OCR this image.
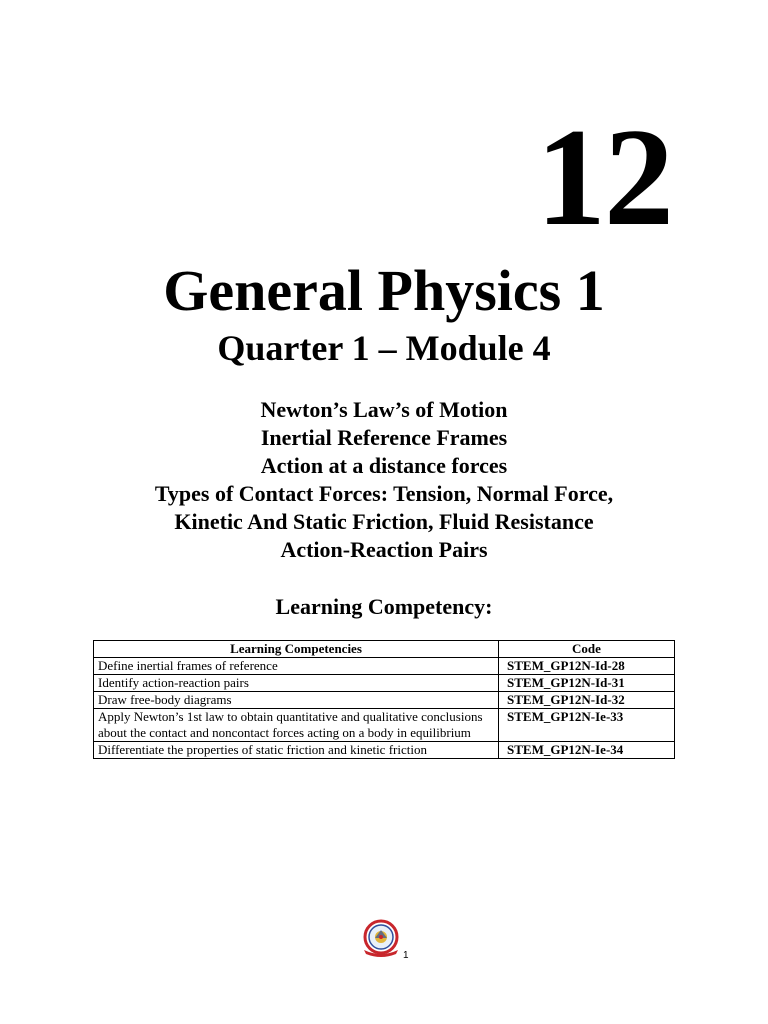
12
General Physics 1
Quarter 1 – Module 4
Newton’s Law’s of Motion
Inertial Reference Frames
Action at a distance forces
Types of Contact Forces: Tension, Normal Force,
Kinetic And Static Friction, Fluid Resistance
Action-Reaction Pairs
Learning Competency:
Learning Competencies	Code
Define inertial frames of reference	STEM_GP12N-Id-28
Identify action-reaction pairs	STEM_GP12N-Id-31
Draw free-body diagrams	STEM_GP12N-Id-32
Apply Newton’s 1st law to obtain quantitative and qualitative conclusions about the contact and noncontact forces acting on a body in equilibrium	STEM_GP12N-Ie-33
Differentiate the properties of static friction and kinetic friction	STEM_GP12N-Ie-34
1
